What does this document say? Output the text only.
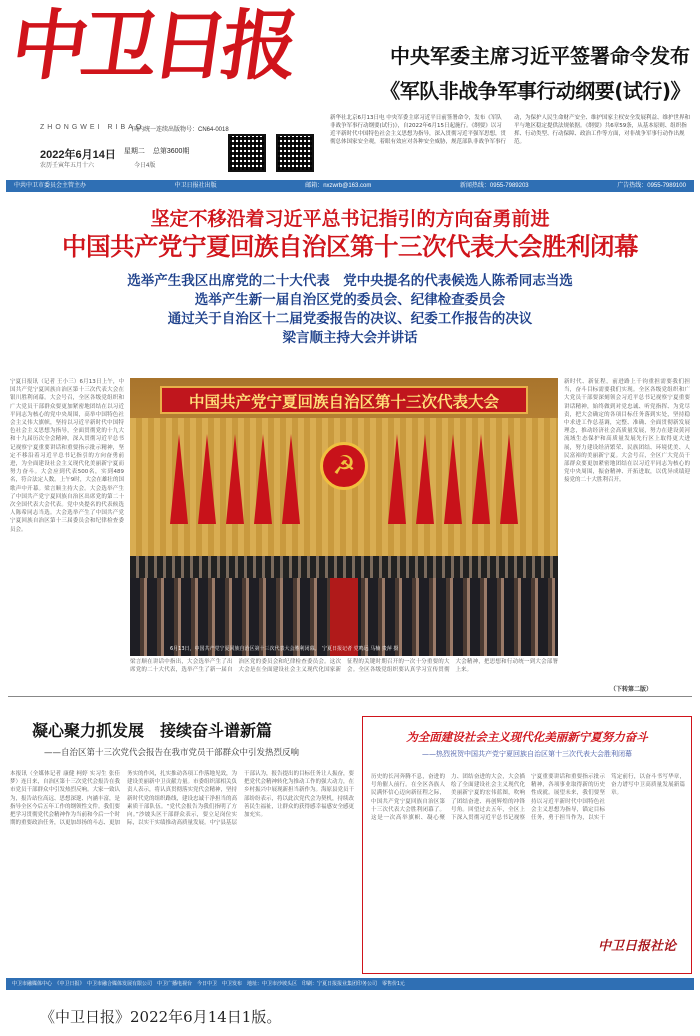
中卫日报
ZHONGWEI RIBAO
国内统一连续出版物号：CN64-0018
2022年6月14日 星期二 总第3600期
农历壬寅年五月十六	今日4版
中央军委主席习近平签署命令发布
《军队非战争军事行动纲要(试行)》
新华社北京6月13日电 中央军委主席习近平日前签署命令，发布《军队非战争军事行动纲要(试行)》，自2022年6月15日起施行。《纲要》以习近平新时代中国特色社会主义思想为指导，深入贯彻习近平强军思想，贯彻总体国家安全观，着眼有效应对各种安全威胁，规范部队非战争军事行动，为保护人民生命财产安全、维护国家主权安全发展利益、维护世界和平与地区稳定提供法规依据。《纲要》共6章59条，从基本原则、组织指挥、行动类型、行动保障、政治工作等方面，对非战争军事行动作出规范。
中共中卫市委员会主管主办	中卫日报社出版	邮箱：nxzwrb@163.com	新闻热线：0955-7989203	广告热线：0955-7989100
坚定不移沿着习近平总书记指引的方向奋勇前进
中国共产党宁夏回族自治区第十三次代表大会胜利闭幕
选举产生我区出席党的二十大代表　党中央提名的代表候选人陈希同志当选
选举产生新一届自治区党的委员会、纪律检查委员会
通过关于自治区十二届党委报告的决议、纪委工作报告的决议
梁言顺主持大会并讲话
宁夏日报讯（记者 王小三）6月13日上午，中国共产党宁夏回族自治区第十三次代表大会在银川胜利闭幕。大会号召，全区各级党组织和广大党员干部群众要更加紧密地团结在以习近平同志为核心的党中央周围，高举中国特色社会主义伟大旗帜，坚持以习近平新时代中国特色社会主义思想为指导，全面贯彻党的十九大和十九届历次全会精神，深入贯彻习近平总书记视察宁夏重要讲话和重要指示批示精神，坚定不移沿着习近平总书记指引的方向奋勇前进，为全面建设社会主义现代化美丽新宁夏而努力奋斗。大会应到代表500名，实到489名，符合法定人数。上午9时，大会在雄壮的国歌声中开幕。梁言顺主持大会。大会选举产生了中国共产党宁夏回族自治区出席党的第二十次全国代表大会代表。党中央提名的代表候选人陈希同志当选。大会选举产生了中国共产党宁夏回族自治区第十三届委员会和纪律检查委员会。
☭
中国共产党宁夏回族自治区第十三次代表大会
6月13日，中国共产党宁夏回族自治区第十三次代表大会胜利闭幕。　宁夏日报记者 党鸣远 马楠 贵萍 摄
新时代、新征程，前进路上千钧重担需要我们担当，奋斗目标需要我们实现。全区各级党组织和广大党员干部要深刻领会习近平总书记视察宁夏重要讲话精神，始终做到对党忠诚、听党指挥、为党尽责，把大会确定的各项目标任务落到实处，坚持稳中求进工作总基调，完整、准确、全面贯彻新发展理念，推动经济社会高质量发展，努力在建设黄河流域生态保护和高质量发展先行区上取得更大进展，努力建设经济繁荣、民族团结、环境优美、人民富裕的美丽新宁夏。大会号召，全区广大党员干部群众要更加紧密地团结在以习近平同志为核心的党中央周围，振奋精神、开拓进取，以优异成绩迎接党的二十大胜利召开。
梁言顺在讲话中指出，大会选举产生了出席党的二十大代表，选举产生了新一届自治区党的委员会和纪律检查委员会。这次大会是在全面建设社会主义现代化国家新征程的关键时期召开的一次十分重要的大会。全区各级党组织要认真学习宣传贯彻大会精神，把思想和行动统一到大会部署上来。
（下转第二版）
凝心聚力抓发展　接续奋斗谱新篇
——自治区第十三次党代会报告在我市党员干部群众中引发热烈反响
本报讯（全媒体记者 康健 柯婷 实习生 张佳梦）连日来，自治区第十三次党代会报告在我市党员干部群众中引发热烈反响。大家一致认为，报告站位高远、思想深邃、内涵丰富，是指导全区今后五年工作的纲领性文件。我们要把学习贯彻党代会精神作为当前和今后一个时期的重要政治任务，以更加昂扬的斗志、更加务实的作风，扎实推动各项工作落地见效，为建设美丽新中卫贡献力量。市委组织部相关负责人表示，将认真贯彻落实党代会精神，坚持新时代党的组织路线，建设忠诚干净担当的高素质干部队伍。“党代会报告为我们指明了方向。”沙坡头区干部群众表示，要立足岗位实际，以实干实绩推动高质量发展。中宁县基层干部认为，报告提出的目标任务让人振奋，要把党代会精神转化为推动工作的强大动力，在乡村振兴中展现新担当新作为。海原县党员干部纷纷表示，将以此次党代会为契机，持续改善民生福祉，让群众的获得感幸福感安全感更加充实。
为全面建设社会主义现代化美丽新宁夏努力奋斗
——热烈祝贺中国共产党宁夏回族自治区第十三次代表大会胜利闭幕
历史的长河奔腾不息，奋进的号角催人前行。在全区各族人民满怀信心迈向新征程之际，中国共产党宁夏回族自治区第十三次代表大会胜利闭幕了。这是一次高举旗帜、凝心聚力、团结奋进的大会，大会描绘了全面建设社会主义现代化美丽新宁夏的宏伟蓝图，吹响了团结奋进、再创辉煌的冲锋号角。回望过去五年，全区上下深入贯彻习近平总书记视察宁夏重要讲话和重要指示批示精神，各项事业取得新的历史性成就。展望未来，我们要坚持以习近平新时代中国特色社会主义思想为指导，锚定目标任务，勇于担当作为，以实干笃定前行，以奋斗书写华章，奋力谱写中卫高质量发展新篇章。
中卫日报社论
中卫市融媒体中心　《中卫日报》　中卫市融合媒体发展有限公司　中卫广播电视台　今日中卫　中卫发布　地址：中卫市沙坡头区　印刷：宁夏日报报业集团印务公司　零售价1元
《中卫日报》2022年6月14日1版。
